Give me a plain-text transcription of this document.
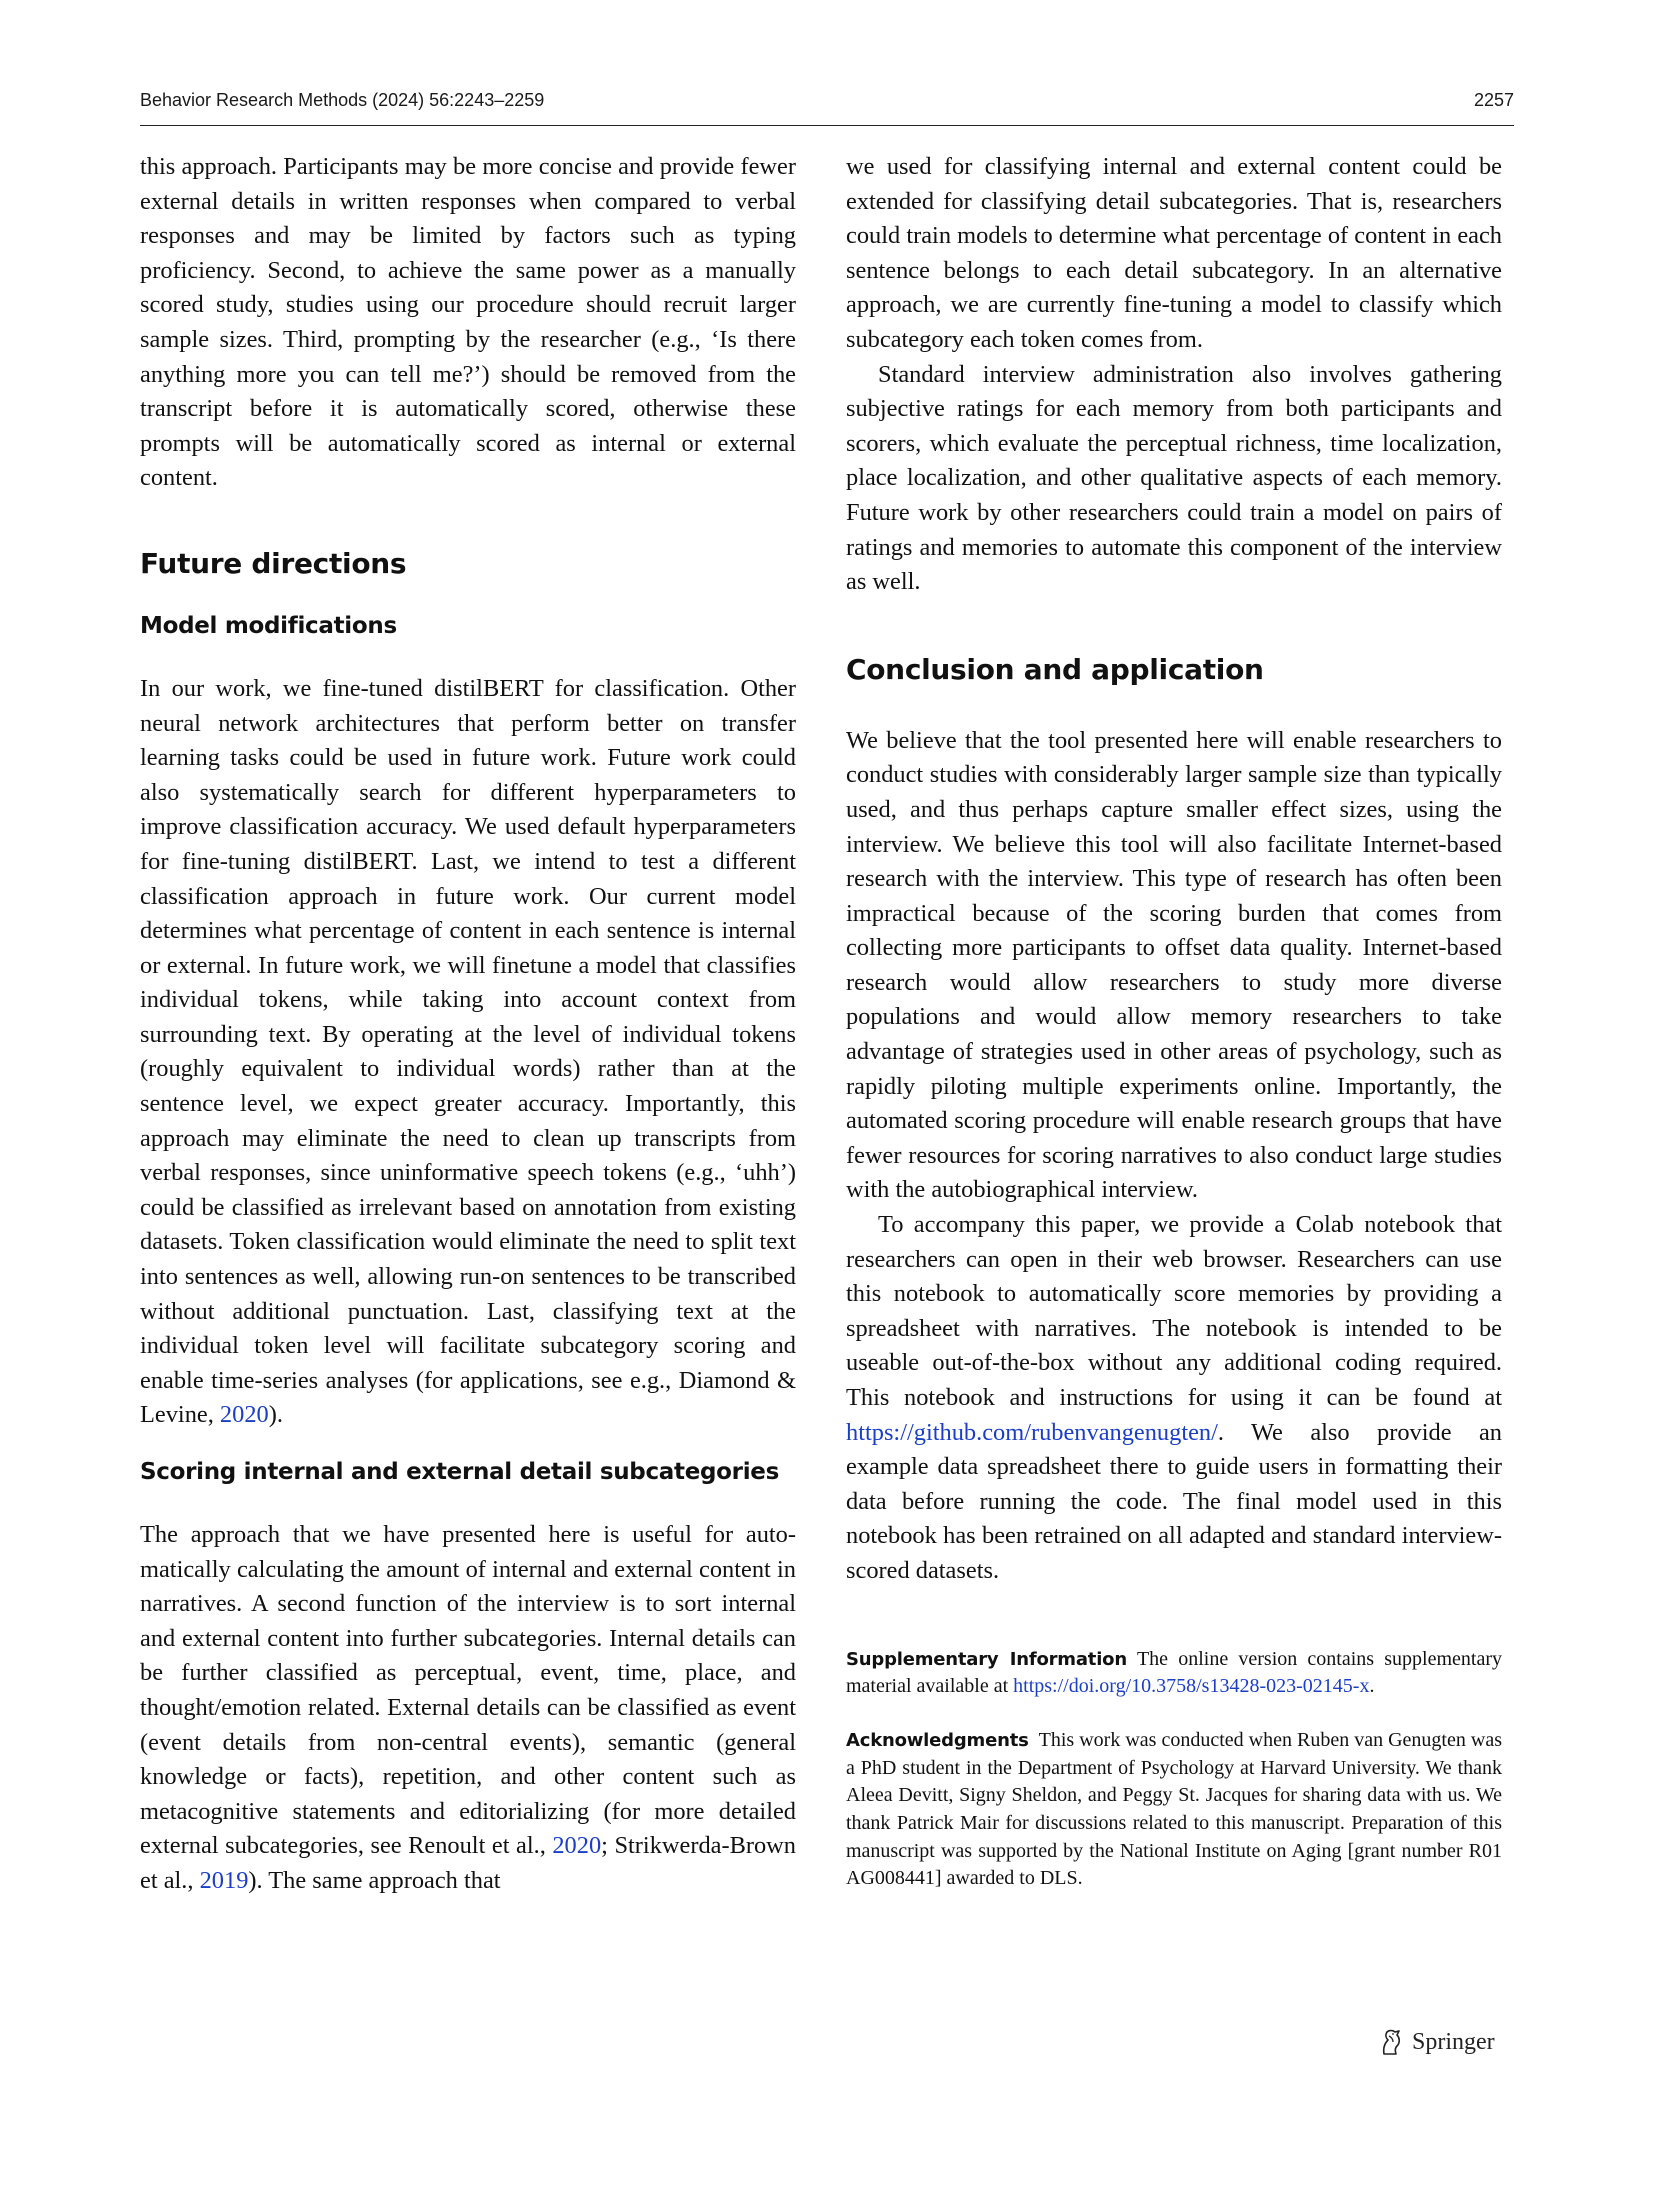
Behavior Research Methods (2024) 56:2243–2259	2257

this approach. Participants may be more concise and provide fewer external details in written responses when compared to verbal responses and may be limited by factors such as typing proficiency. Second, to achieve the same power as a manually scored study, studies using our procedure should recruit larger sample sizes. Third, prompting by the researcher (e.g., ‘Is there anything more you can tell me?’) should be removed from the transcript before it is automatically scored, otherwise these prompts will be automatically scored as internal or external content.

Future directions
Model modifications

In our work, we fine-tuned distilBERT for classification. Other neural network architectures that perform better on transfer learning tasks could be used in future work. Future work could also systematically search for different hyperparameters to improve classification accuracy. We used default hyperparameters for fine-tuning distilBERT. Last, we intend to test a different classification approach in future work. Our current model determines what percentage of content in each sentence is internal or external. In future work, we will finetune a model that classifies individual tokens, while taking into account context from surrounding text. By operating at the level of individual tokens (roughly equivalent to individual words) rather than at the sentence level, we expect greater accuracy. Importantly, this approach may eliminate the need to clean up transcripts from verbal responses, since uninformative speech tokens (e.g., ‘uhh’) could be classified as irrelevant based on annotation from existing datasets. Token classification would eliminate the need to split text into sentences as well, allowing run-on sentences to be transcribed without additional punctuation. Last, classifying text at the individual token level will facilitate subcategory scoring and enable time-series analyses (for applications, see e.g., Diamond & Levine, 2020).

Scoring internal and external detail subcategories

The approach that we have presented here is useful for automatically calculating the amount of internal and external content in narratives. A second function of the interview is to sort internal and external content into further subcategories. Internal details can be further classified as perceptual, event, time, place, and thought/emotion related. External details can be classified as event (event details from non-central events), semantic (general knowledge or facts), repetition, and other content such as metacognitive statements and editorializing (for more detailed external subcategories, see Renoult et al., 2020; Strikwerda-Brown et al., 2019). The same approach that

we used for classifying internal and external content could be extended for classifying detail subcategories. That is, researchers could train models to determine what percentage of content in each sentence belongs to each detail subcategory. In an alternative approach, we are currently fine-tuning a model to classify which subcategory each token comes from.

Standard interview administration also involves gathering subjective ratings for each memory from both participants and scorers, which evaluate the perceptual richness, time localization, place localization, and other qualitative aspects of each memory. Future work by other researchers could train a model on pairs of ratings and memories to automate this component of the interview as well.

Conclusion and application

We believe that the tool presented here will enable researchers to conduct studies with considerably larger sample size than typically used, and thus perhaps capture smaller effect sizes, using the interview. We believe this tool will also facilitate Internet-based research with the interview. This type of research has often been impractical because of the scoring burden that comes from collecting more participants to offset data quality. Internet-based research would allow researchers to study more diverse populations and would allow memory researchers to take advantage of strategies used in other areas of psychology, such as rapidly piloting multiple experiments online. Importantly, the automated scoring procedure will enable research groups that have fewer resources for scoring narratives to also conduct large studies with the autobiographical interview.

To accompany this paper, we provide a Colab notebook that researchers can open in their web browser. Researchers can use this notebook to automatically score memories by providing a spreadsheet with narratives. The notebook is intended to be useable out-of-the-box without any additional coding required. This notebook and instructions for using it can be found at https://github.com/rubenvangenugten/. We also provide an example data spreadsheet there to guide users in formatting their data before running the code. The final model used in this notebook has been retrained on all adapted and standard interview-scored datasets.

Supplementary Information The online version contains supplementary material available at https://doi.org/10.3758/s13428-023-02145-x.

Acknowledgments This work was conducted when Ruben van Genugten was a PhD student in the Department of Psychology at Harvard University. We thank Aleea Devitt, Signy Sheldon, and Peggy St. Jacques for sharing data with us. We thank Patrick Mair for discussions related to this manuscript. Preparation of this manuscript was supported by the National Institute on Aging [grant number R01 AG008441] awarded to DLS.

Springer
